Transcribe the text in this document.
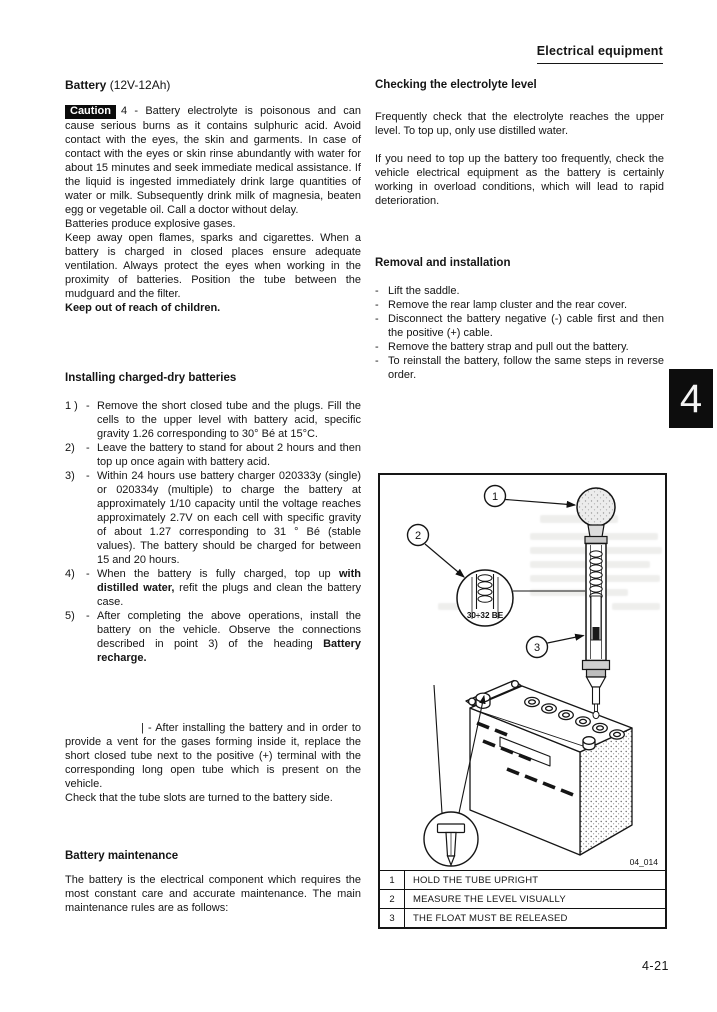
Electrical equipment

Battery (12V-12Ah)

Caution 4 - Battery electrolyte is poisonous and can cause serious burns as it contains sulphuric acid. Avoid contact with the eyes, the skin and garments. In case of contact with the eyes or skin rinse abundantly with water for about 15 minutes and seek immediate medical assistance. If the liquid is ingested immediately drink large quantities of water or milk. Subsequently drink milk of magnesia, beaten egg or vegetable oil. Call a doctor without delay.

Batteries produce explosive gases.

Keep away open flames, sparks and cigarettes. When a battery is charged in closed places ensure adequate ventilation. Always protect the eyes when working in the proximity of batteries. Position the tube between the mudguard and the filter.

Keep out of reach of children.

Installing charged-dry batteries

1 ) - Remove the short closed tube and the plugs. Fill the cells to the upper level with battery acid, specific gravity 1.26 corresponding to 30° Bé at 15°C.
2)	- Leave the battery to stand for about 2 hours and then top up once again with battery acid.
3)	- Within 24 hours use battery charger 020333y (single) or 020334y (multiple) to charge the battery at approximately 1/10 capacity until the voltage reaches approximately 2.7V on each cell with specific gravity of about 1.27 corresponding to 31 ° Bé (stable values). The battery should be charged for between 15 and 20 hours.
4)	- When the battery is fully charged, top up with distilled water, refit the plugs and clean the battery case.
5)	- After completing the above operations, install the battery on the vehicle. Observe the connections described in point 3) of the heading Battery recharge.

| - After installing the battery and in order to provide a vent for the gases forming inside it, replace the short closed tube next to the positive (+) terminal with the corresponding long open tube which is present on the vehicle.

Check that the tube slots are turned to the battery side.

Battery maintenance

The battery is the electrical component which requires the most constant care and accurate maintenance. The main maintenance rules are as follows:

Checking the electrolyte level

Frequently check that the electrolyte reaches the upper level. To top up, only use distilled water.

If you need to top up the battery too frequently, check the vehicle electrical equipment as the battery is certainly working in overload conditions, which will lead to rapid deterioration.

Removal and installation

- Lift the saddle.
- Remove the rear lamp cluster and the rear cover.
- Disconnect the battery negative (-) cable first and then the positive (+) cable.
- Remove the battery strap and pull out the battery.
- To reinstall the battery, follow the same steps in reverse order.
4
1
2
30÷32 BE
3
04_014
1	HOLD THE TUBE UPRIGHT
2	MEASURE THE LEVEL VISUALLY
3	THE FLOAT MUST BE RELEASED
4-21
